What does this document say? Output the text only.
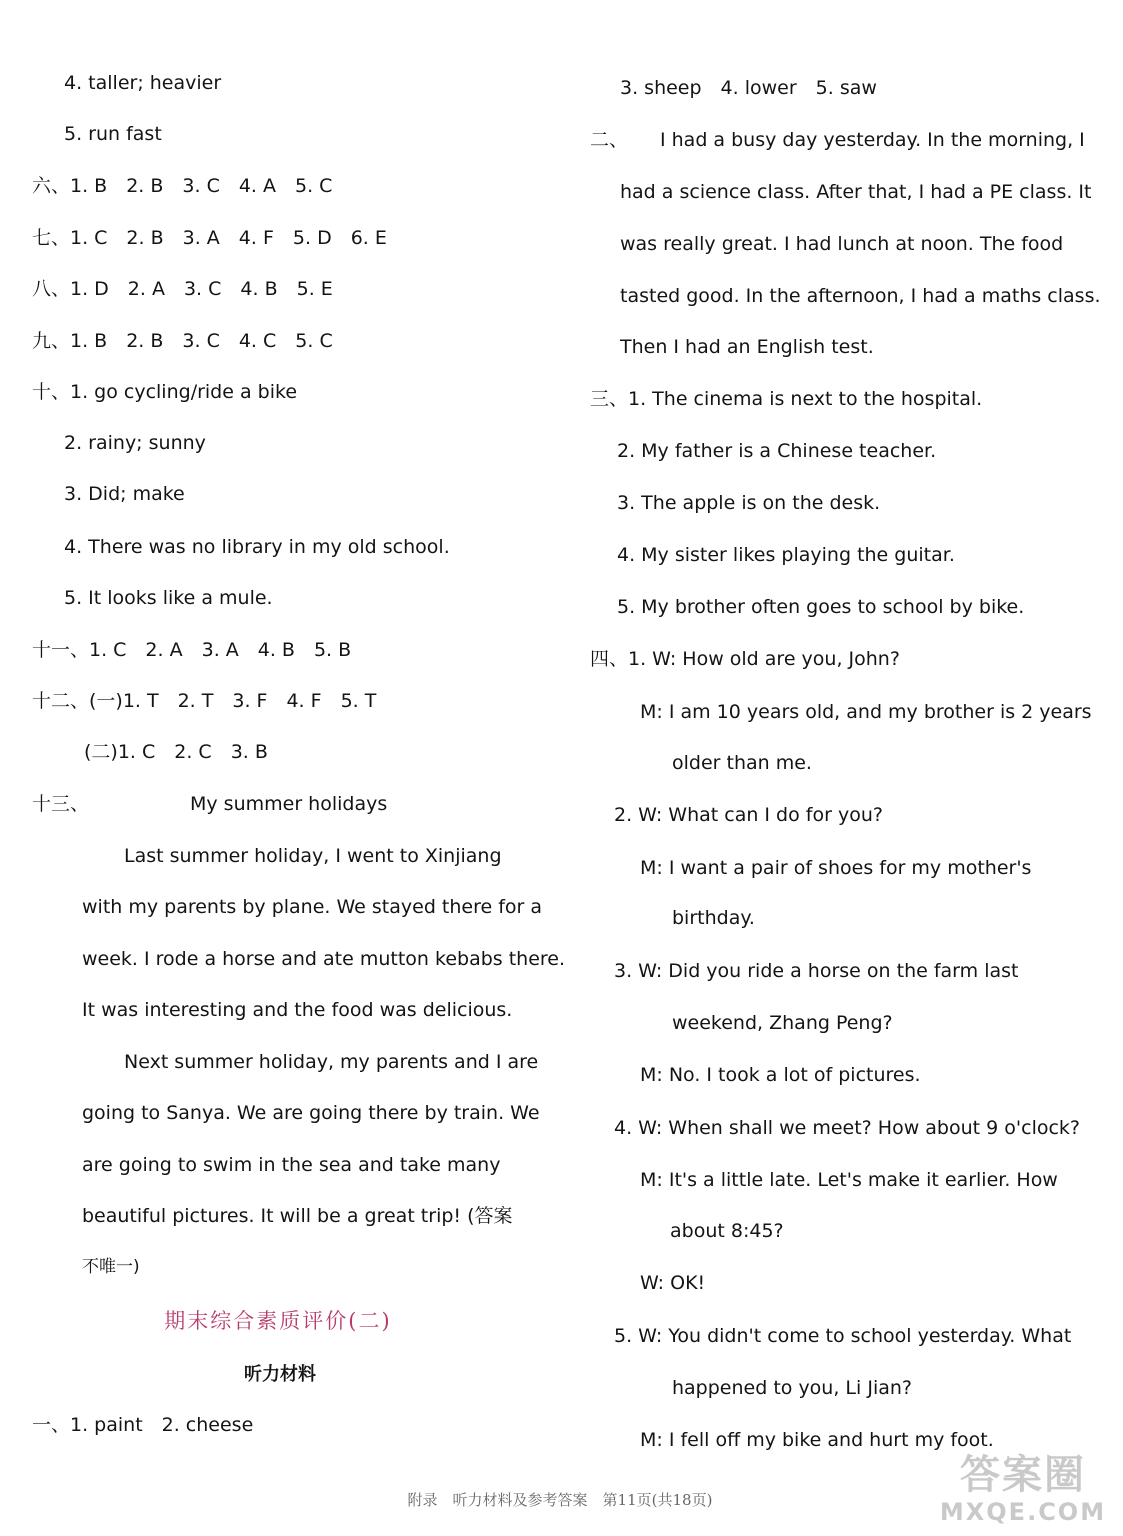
4. taller; heavier

5. run fast

六、1. B　2. B　3. C　4. A　5. C

七、1. C　2. B　3. A　4. F　5. D　6. E

八、1. D　2. A　3. C　4. B　5. E

九、1. B　2. B　3. C　4. C　5. C

十、1. go cycling/ride a bike

2. rainy; sunny

3. Did; make

4. There was no library in my old school.

5. It looks like a mule.

十一、1. C　2. A　3. A　4. B　5. B

十二、(一)1. T　2. T　3. F　4. F　5. T

(二)1. C　2. C　3. B

十三、	My summer holidays

Last summer holiday, I went to Xinjiang

with my parents by plane. We stayed there for a

week. I rode a horse and ate mutton kebabs there.

It was interesting and the food was delicious.

Next summer holiday, my parents and I are

going to Sanya. We are going there by train. We

are going to swim in the sea and take many

beautiful pictures. It will be a great trip! (答案

不唯一)

期末综合素质评价(二)
听力材料

一、1. paint　2. cheese

3. sheep　4. lower　5. saw

二、 I had a busy day yesterday. In the morning, I

had a science class. After that, I had a PE class. It

was really great. I had lunch at noon. The food

tasted good. In the afternoon, I had a maths class.

Then I had an English test.

三、1. The cinema is next to the hospital.

2. My father is a Chinese teacher.

3. The apple is on the desk.

4. My sister likes playing the guitar.

5. My brother often goes to school by bike.

四、1. W: How old are you, John?

M: I am 10 years old, and my brother is 2 years

older than me.

2. W: What can I do for you?

M: I want a pair of shoes for my mother's

birthday.

3. W: Did you ride a horse on the farm last

weekend, Zhang Peng?

M: No. I took a lot of pictures.

4. W: When shall we meet? How about 9 o'clock?

M: It's a little late. Let's make it earlier. How

about 8:45?

W: OK!

5. W: You didn't come to school yesterday. What

happened to you, Li Jian?

M: I fell off my bike and hurt my foot.

附录　听力材料及参考答案　第11页(共18页)
答案圈
MXQE.COM
